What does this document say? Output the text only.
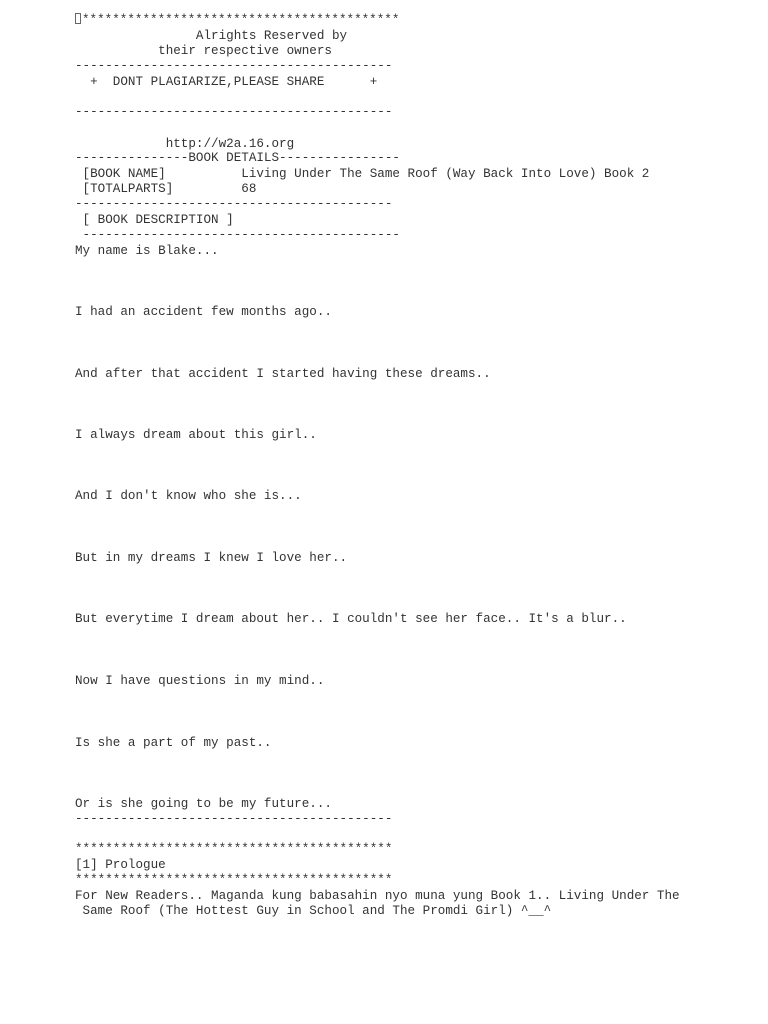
******************************************
Alrights Reserved by
their respective owners
------------------------------------------
+  DONT PLAGIARIZE,PLEASE SHARE      +
------------------------------------------
http://w2a.16.org
---------------BOOK DETAILS----------------
[BOOK NAME]          Living Under The Same Roof (Way Back Into Love) Book 2
[TOTALPARTS]         68
------------------------------------------
[ BOOK DESCRIPTION ]
------------------------------------------
My name is Blake...
I had an accident few months ago..
And after that accident I started having these dreams..
I always dream about this girl..
And I don't know who she is...
But in my dreams I knew I love her..
But everytime I dream about her.. I couldn't see her face.. It's a blur..
Now I have questions in my mind..
Is she a part of my past..
Or is she going to be my future...
------------------------------------------
******************************************
[1] Prologue
******************************************
For New Readers.. Maganda kung babasahin nyo muna yung Book 1.. Living Under The
Same Roof (The Hottest Guy in School and The Promdi Girl) ^__^
